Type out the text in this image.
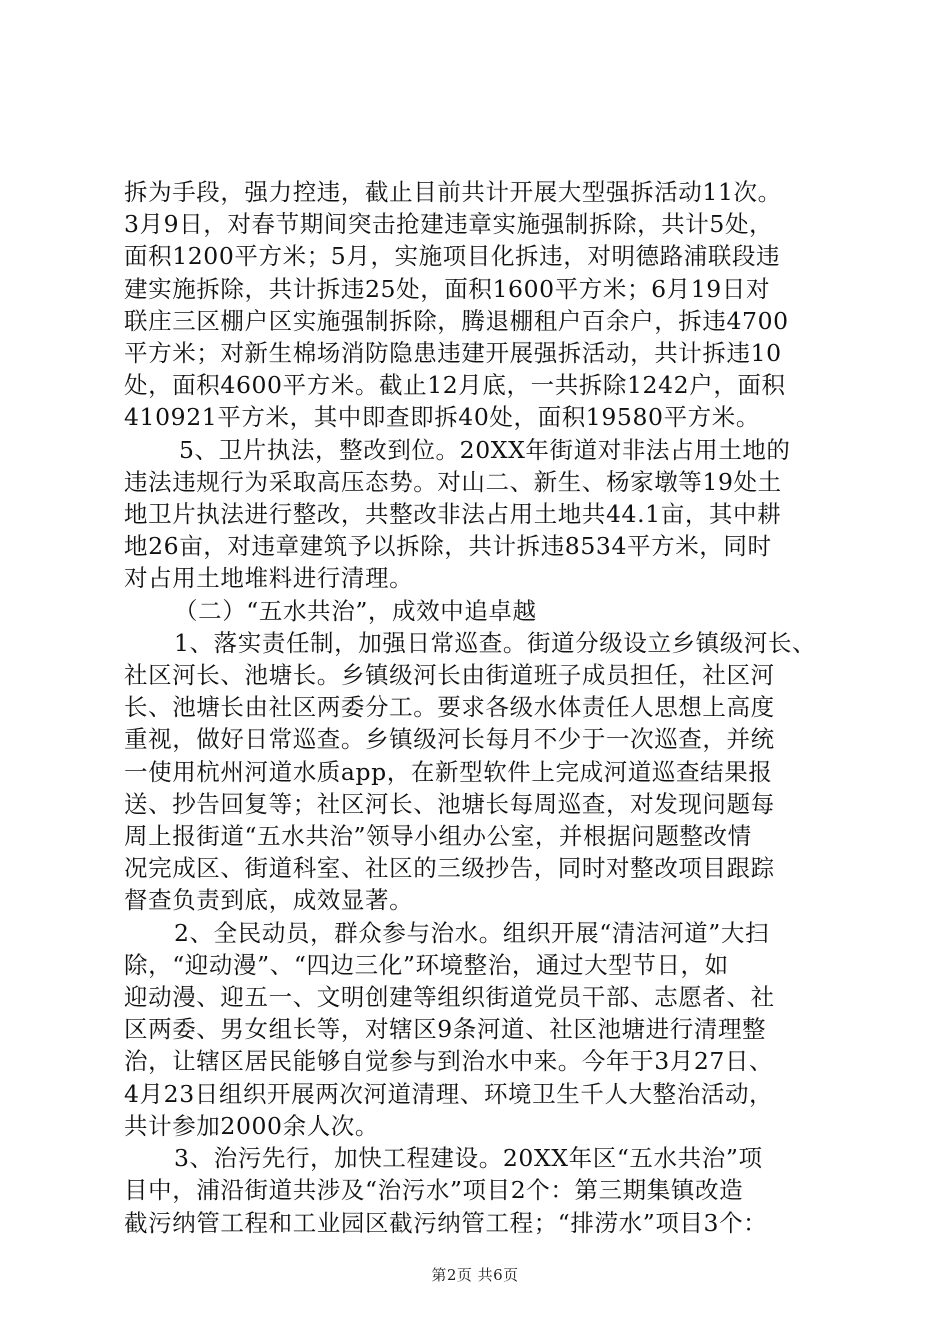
拆为手段，强力控违，截止目前共计开展大型强拆活动11次。

3月9日，对春节期间突击抢建违章实施强制拆除，共计5处，

面积1200平方米；5月，实施项目化拆违，对明德路浦联段违

建实施拆除，共计拆违25处，面积1600平方米；6月19日对

联庄三区棚户区实施强制拆除，腾退棚租户百余户，拆违4700

平方米；对新生棉场消防隐患违建开展强拆活动，共计拆违10

处，面积4600平方米。截止12月底，一共拆除1242户，面积

410921平方米，其中即查即拆40处，面积19580平方米。

5、卫片执法，整改到位。20XX年街道对非法占用土地的

违法违规行为采取高压态势。对山二、新生、杨家墩等19处土

地卫片执法进行整改，共整改非法占用土地共44.1亩，其中耕

地26亩，对违章建筑予以拆除，共计拆违8534平方米，同时

对占用土地堆料进行清理。

（二）“五水共治”，成效中追卓越

1、落实责任制，加强日常巡查。街道分级设立乡镇级河长、

社区河长、池塘长。乡镇级河长由街道班子成员担任，社区河

长、池塘长由社区两委分工。要求各级水体责任人思想上高度

重视，做好日常巡查。乡镇级河长每月不少于一次巡查，并统

一使用杭州河道水质app，在新型软件上完成河道巡查结果报

送、抄告回复等；社区河长、池塘长每周巡查，对发现问题每

周上报街道“五水共治”领导小组办公室，并根据问题整改情

况完成区、街道科室、社区的三级抄告，同时对整改项目跟踪

督查负责到底，成效显著。

2、全民动员，群众参与治水。组织开展“清洁河道”大扫

除，“迎动漫”、“四边三化”环境整治，通过大型节日，如

迎动漫、迎五一、文明创建等组织街道党员干部、志愿者、社

区两委、男女组长等，对辖区9条河道、社区池塘进行清理整

治，让辖区居民能够自觉参与到治水中来。今年于3月27日、

4月23日组织开展两次河道清理、环境卫生千人大整治活动，

共计参加2000余人次。

3、治污先行，加快工程建设。20XX年区“五水共治”项

目中，浦沿街道共涉及“治污水”项目2个：第三期集镇改造

截污纳管工程和工业园区截污纳管工程；“排涝水”项目3个：

第2页 共6页
